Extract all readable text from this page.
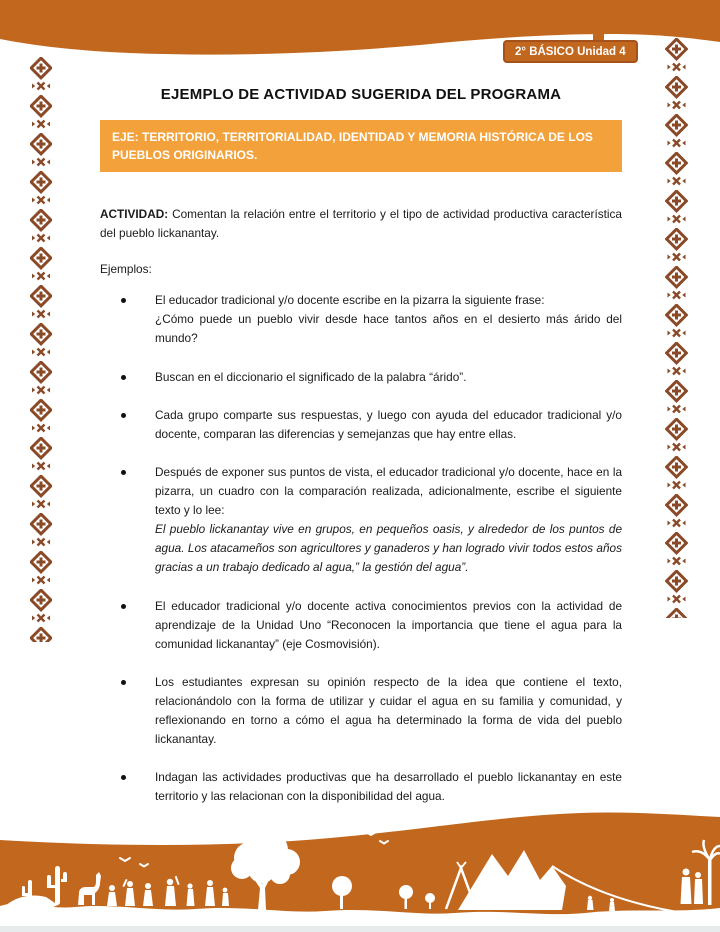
2° BÁSICO Unidad 4
EJEMPLO DE ACTIVIDAD SUGERIDA DEL PROGRAMA
EJE: TERRITORIO, TERRITORIALIDAD, IDENTIDAD Y MEMORIA HISTÓRICA DE LOS PUEBLOS ORIGINARIOS.

ACTIVIDAD: Comentan la relación entre el territorio y el tipo de actividad productiva característica del pueblo lickanantay.

Ejemplos:

El educador tradicional y/o docente escribe en la pizarra la siguiente frase:
¿Cómo puede un pueblo vivir desde hace tantos años en el desierto más árido del mundo?
Buscan en el diccionario el significado de la palabra “árido”.
Cada grupo comparte sus respuestas, y luego con ayuda del educador tradicional y/o docente, comparan las diferencias y semejanzas que hay entre ellas.
Después de exponer sus puntos de vista, el educador tradicional y/o docente, hace en la pizarra, un cuadro con la comparación realizada, adicionalmente, escribe el siguiente texto y lo lee:
El pueblo lickanantay vive en grupos, en pequeños oasis, y alrededor de los puntos de agua. Los atacameños son agricultores y ganaderos y han logrado vivir todos estos años gracias a un trabajo dedicado al agua,” la gestión del agua”.
El educador tradicional y/o docente activa conocimientos previos con la actividad de aprendizaje de la Unidad Uno “Reconocen la importancia que tiene el agua para la comunidad lickanantay” (eje Cosmovisión).
Los estudiantes expresan su opinión respecto de la idea que contiene el texto, relacionándolo con la forma de utilizar y cuidar el agua en su familia y comunidad, y reflexionando en torno a cómo el agua ha determinado la forma de vida del pueblo lickanantay.
Indagan las actividades productivas que ha desarrollado el pueblo lickanantay en este territorio y las relacionan con la disponibilidad del agua.
